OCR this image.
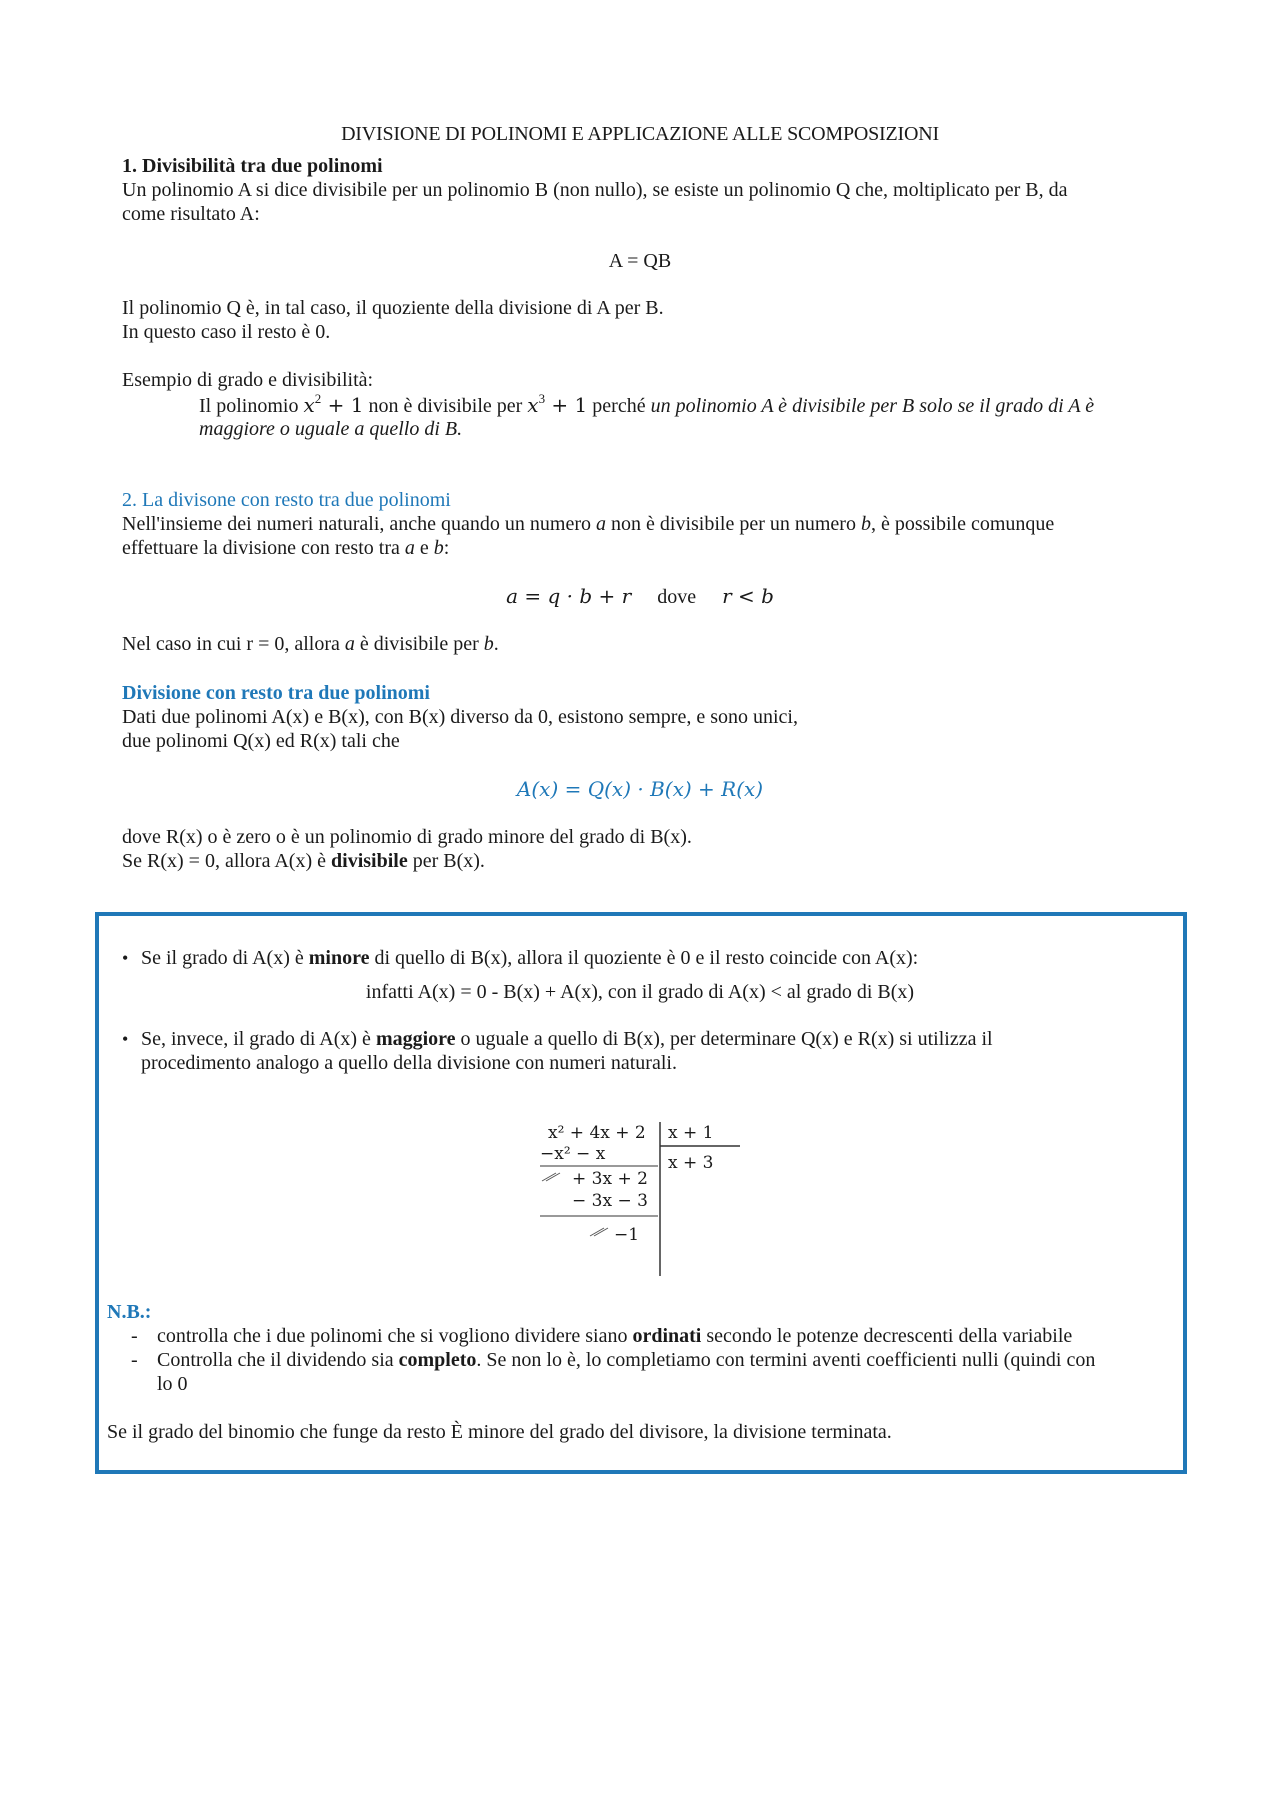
DIVISIONE DI POLINOMI E APPLICAZIONE ALLE SCOMPOSIZIONI
1. Divisibilità tra due polinomi
Un polinomio A si dice divisibile per un polinomio B (non nullo), se esiste un polinomio Q che, moltiplicato per B, da
come risultato A:
A = QB
Il polinomio Q è, in tal caso, il quoziente della divisione di A per B.
In questo caso il resto è 0.
Esempio di grado e divisibilità:
Il polinomio $x^2 + 1$ non è divisibile per $x^3 + 1$ perché un polinomio A è divisibile per B solo se il grado di A è
maggiore o uguale a quello di B.
2. La divisone con resto tra due polinomi
Nell'insieme dei numeri naturali, anche quando un numero a non è divisibile per un numero b, è possibile comunque
effettuare la divisione con resto tra a e b:
a = q · b + r dove r < b
Nel caso in cui r = 0, allora a è divisibile per b.
Divisione con resto tra due polinomi
Dati due polinomi A(x) e B(x), con B(x) diverso da 0, esistono sempre, e sono unici,
due polinomi Q(x) ed R(x) tali che
A(x) = Q(x) · B(x) + R(x)
dove R(x) o è zero o è un polinomio di grado minore del grado di B(x).
Se R(x) = 0, allora A(x) è divisibile per B(x).
• Se il grado di A(x) è minore di quello di B(x), allora il quoziente è 0 e il resto coincide con A(x):
infatti A(x) = 0 - B(x) + A(x), con il grado di A(x) < al grado di B(x)
• Se, invece, il grado di A(x) è maggiore o uguale a quello di B(x), per determinare Q(x) e R(x) si utilizza il
procedimento analogo a quello della divisione con numeri naturali.
x² + 4x + 2
−x² − x
+ 3x + 2
− 3x − 3
−1
x + 1
x + 3
N.B.:
- controlla che i due polinomi che si vogliono dividere siano ordinati secondo le potenze decrescenti della variabile
- Controlla che il dividendo sia completo. Se non lo è, lo completiamo con termini aventi coefficienti nulli (quindi con
lo 0
Se il grado del binomio che funge da resto È minore del grado del divisore, la divisione terminata.
